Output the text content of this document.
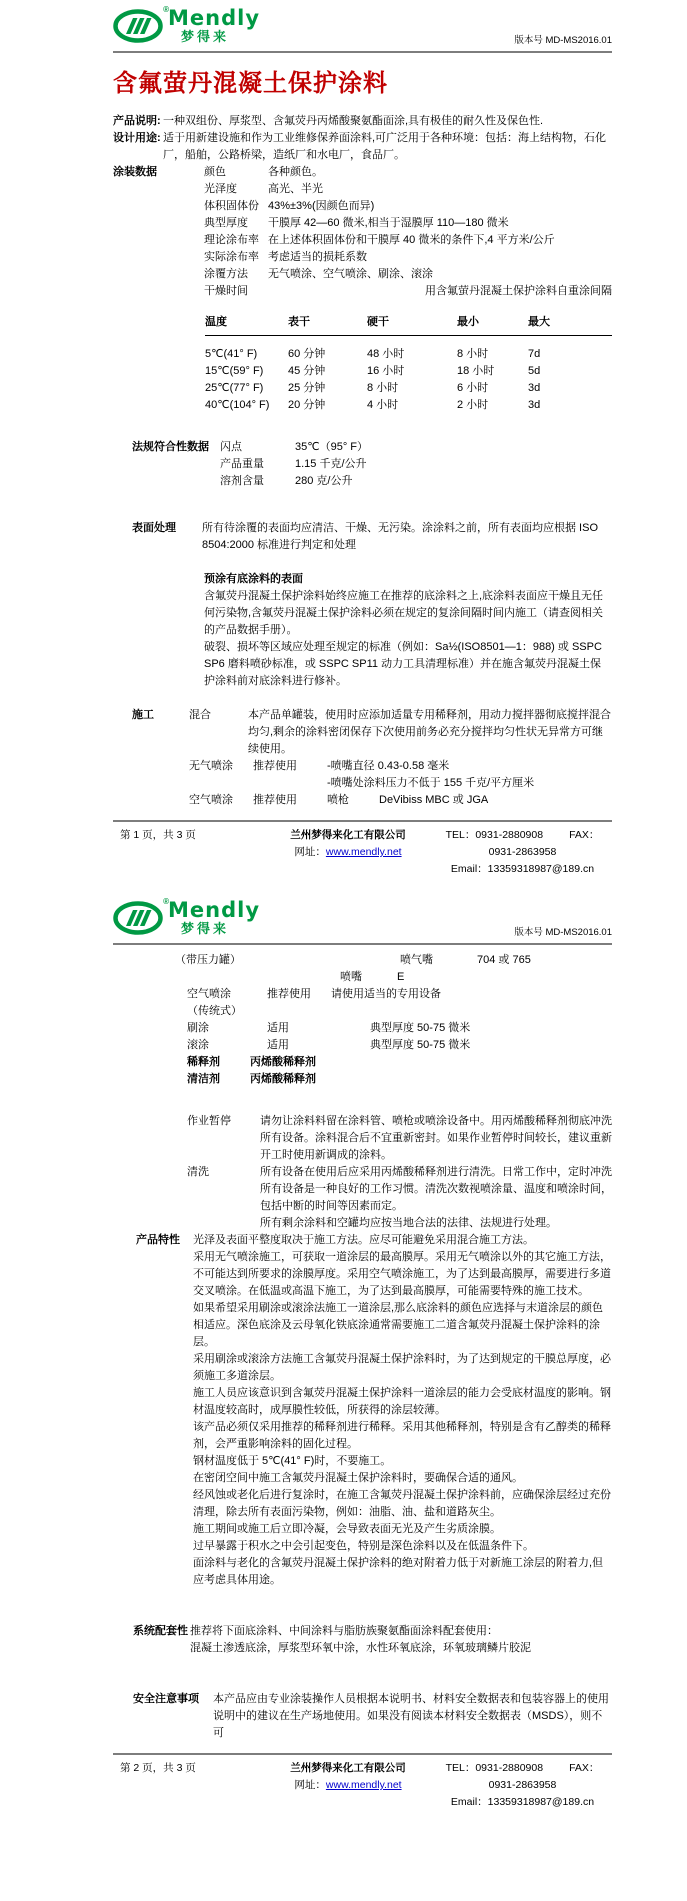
® Mendly
梦得来	版本号 MD-MS2016.01
含氟萤丹混凝土保护涂料
产品说明: 一种双组份、厚浆型、含氟荧丹丙烯酸聚氨酯面涂,具有极佳的耐久性及保色性.
设计用途: 适于用新建设施和作为工业维修保养面涂料,可广泛用于各种环境：包括：海上结构物，石化厂，船舶，公路桥梁，造纸厂和水电厂，食品厂。
涂装数据	颜色	各种颜色。
光泽度	高光、半光
体积固体份 43%±3%(因颜色而异)
典型厚度	干膜厚 42—60 微米,相当于湿膜厚 110—180 微米
理论涂布率 在上述体积固体份和干膜厚 40 微米的条件下,4 平方米/公斤
实际涂布率 考虑适当的损耗系数
涂覆方法	无气喷涂、空气喷涂、刷涂、滚涂
干燥时间	用含氟萤丹混凝土保护涂料自重涂间隔
温度	表干	硬干	最小	最大
5℃(41° F)	60 分钟	48 小时	8 小时	7d
15℃(59° F)	45 分钟	16 小时	18 小时	5d
25℃(77° F)	25 分钟	8 小时	6 小时	3d
40℃(104° F)	20 分钟	4 小时	2 小时	3d
法规符合性数据	闪点	35℃（95° F）
产品重量	1.15 千克/公升
溶剂含量	280 克/公升
表面处理	所有待涂覆的表面均应清洁、干燥、无污染。涂涂料之前，所有表面均应根据 ISO 8504:2000 标准进行判定和处理

预涂有底涂料的表面

含氟荧丹混凝土保护涂料始终应施工在推荐的底涂料之上,底涂料表面应干燥且无任何污染物,含氟荧丹混凝土保护涂料必须在规定的复涂间隔时间内施工（请查阅相关的产品数据手册）。

破裂、损坏等区域应处理至规定的标准（例如：Sa½(ISO8501—1：988) 或 SSPC SP6 磨料喷砂标准，或 SSPC SP11 动力工具清理标准）并在施含氟荧丹混凝土保护涂料前对底涂料进行修补。

施工	混合	本产品单罐装，使用时应添加适量专用稀释剂，用动力搅拌器彻底搅拌混合均匀,剩余的涂料密闭保存下次使用前务必充分搅拌均匀性状无异常方可继续使用。
无气喷涂	推荐使用	-喷嘴直径 0.43-0.58 毫米

-喷嘴处涂料压力不低于 155 千克/平方厘米

空气喷涂	推荐使用	喷枪	DeVibiss MBC 或 JGA
第 1 页，共 3 页	兰州梦得来化工有限公司
网址：www.mendly.net
TEL：0931-2880908 FAX：0931-2863958
Email：13359318987@189.cn
® Mendly
梦得来	版本号 MD-MS2016.01
（带压力罐）	喷气嘴	704 或 765
喷嘴	E
空气喷涂	推荐使用	请使用适当的专用设备
（传统式）
刷涂	适用	典型厚度 50-75 微米
滚涂	适用	典型厚度 50-75 微米
稀释剂	丙烯酸稀释剂
清洁剂	丙烯酸稀释剂
作业暂停	请勿让涂料料留在涂料管、喷枪或喷涂设备中。用丙烯酸稀释剂彻底冲洗所有设备。涂料混合后不宜重新密封。如果作业暂停时间较长，建议重新开工时使用新调成的涂料。
清洗	所有设备在使用后应采用丙烯酸稀释剂进行清洗。日常工作中，定时冲洗所有设备是一种良好的工作习惯。清洗次数视喷涂量、温度和喷涂时间，包括中断的时间等因素而定。

所有剩余涂料和空罐均应按当地合法的法律、法规进行处理。

产品特性	光泽及表面平整度取决于施工方法。应尽可能避免采用混合施工方法。

采用无气喷涂施工，可获取一道涂层的最高膜厚。采用无气喷涂以外的其它施工方法，不可能达到所要求的涂膜厚度。采用空气喷涂施工，为了达到最高膜厚，需要进行多道交叉喷涂。在低温或高温下施工，为了达到最高膜厚，可能需要特殊的施工技术。

如果希望采用刷涂或滚涂法施工一道涂层,那么底涂料的颜色应选择与末道涂层的颜色相适应。深色底涂及云母氧化铁底涂通常需要施工二道含氟荧丹混凝土保护涂料的涂层。

采用刷涂或滚涂方法施工含氟荧丹混凝土保护涂料时，为了达到规定的干膜总厚度，必须施工多道涂层。

施工人员应该意识到含氟荧丹混凝土保护涂料一道涂层的能力会受底材温度的影响。钢材温度较高时，成厚膜性较低，所获得的涂层较薄。

该产品必须仅采用推荐的稀释剂进行稀释。采用其他稀释剂，特别是含有乙醇类的稀释剂，会严重影响涂料的固化过程。

钢材温度低于 5℃(41° F)时，不要施工。

在密闭空间中施工含氟荧丹混凝土保护涂料时，要确保合适的通风。

经风蚀或老化后进行复涂时，在施工含氟荧丹混凝土保护涂料前，应确保涂层经过充份清理，除去所有表面污染物，例如：油脂、油、盐和道路灰尘。

施工期间或施工后立即冷凝，会导致表面无光及产生劣质涂膜。

过早暴露于积水之中会引起变色，特别是深色涂料以及在低温条件下。

面涂料与老化的含氟荧丹混凝土保护涂料的绝对附着力低于对新施工涂层的附着力,但应考虑具体用途。

系统配套性 推荐将下面底涂料、中间涂料与脂肪族聚氨酯面涂料配套使用：

混凝土渗透底涂，厚浆型环氧中涂，水性环氧底涂，环氧玻璃鳞片胶泥

安全注意事项	本产品应由专业涂装操作人员根据本说明书、材料安全数据表和包装容器上的使用说明中的建议在生产场地使用。如果没有阅读本材料安全数据表（MSDS），则不可
第 2 页，共 3 页	兰州梦得来化工有限公司
网址：www.mendly.net
TEL：0931-2880908 FAX：0931-2863958
Email：13359318987@189.cn
